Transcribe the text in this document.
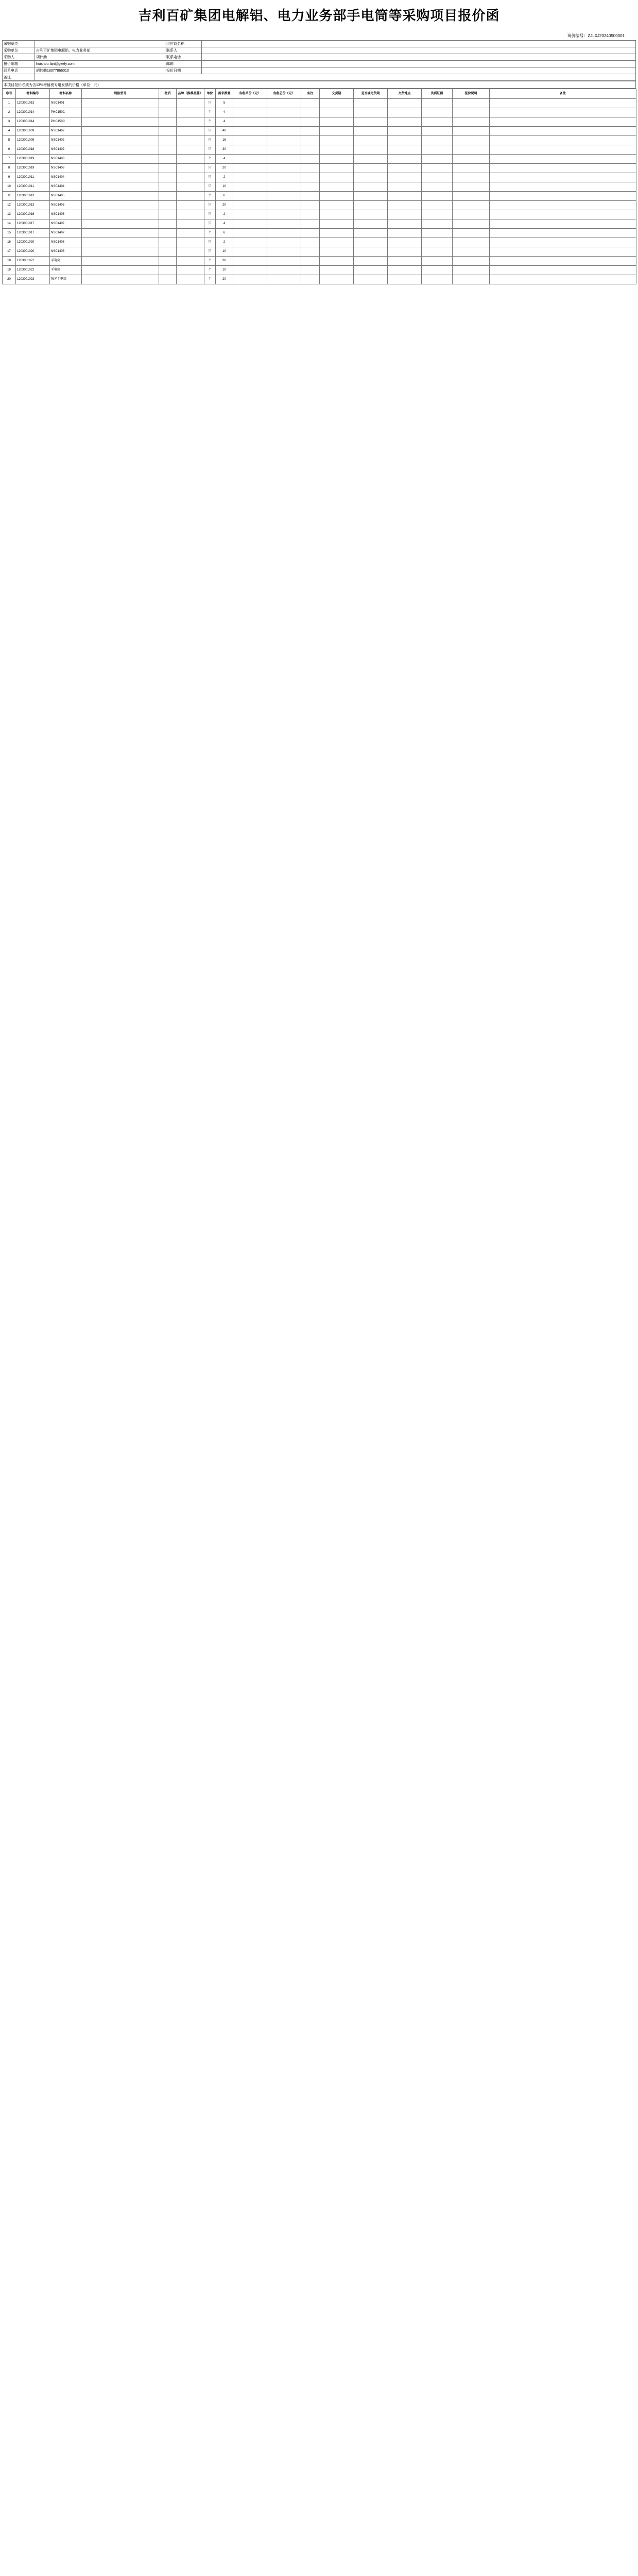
吉利百矿集团电解铝、电力业务部手电筒等采购项目报价函
询价编号：ZJLXJ20240500001
采购单位		供应商名称	
采购单位	吉利百矿集团电解铝、电力业务部	联系人	
采购人	胡伟勤	联系电话	
报价邮箱	huishou.fan@geely.com	邮箱	
联系电话	胡伟勤18077866010	报价日期	
备注			
本项目报价必须为含13%增值税专用发票的价格（单位：元）
序号	物料编号	物料名称	规格型号	材质	品牌（推荐品牌）	单位	需求数量	含税单价（元）	含税总价（元）	备注	交货期	是否满足货期	交货地点	资质证照	报价说明	备注
1	1203001013	NSC1401				只	5									
2	1203001014	PHC150C				个	4									
3	1203001014	PHC150C				个	4									
4	1203001009	NSC1402				只	40									
5	1203001009	NSC1402				只	16									
6	1203001018	NSC1402				只	30									
7	1203001019	NSC1403				个	4									
8	1203001019	NSC1403				只	20									
9	1203001011	NSC1404				只	2									
10	1203001011	NSC1404				只	10									
11	1203001013	NSC1405				个	6									
12	1203001013	NSC1405				只	20									
13	1203001016	NSC1406				只	2									
14	1203001017	NSC1407				只	4									
15	1203001017	NSC1407				个	6									
16	1203001020	NSC1408				只	2									
17	1203001020	NSC1408				只	10									
18	1203001021	手电筒				个	30									
19	1203001022	手电筒				个	10									
20	1203001023	强光手电筒				个	20									
